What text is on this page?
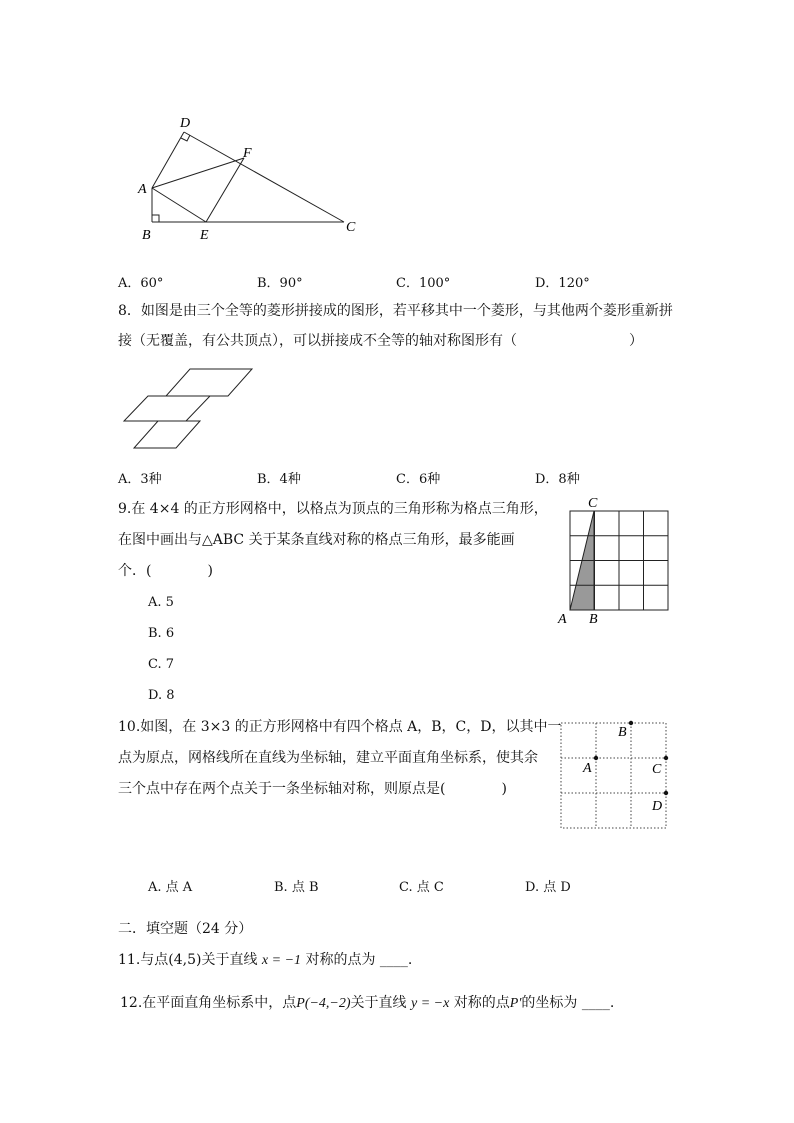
D
F
A
B	E
C
A．60°	B．90°	C．100°	D．120°
8．如图是由三个全等的菱形拼接成的图形，若平移其中一个菱形，与其他两个菱形重新拼
接（无覆盖，有公共顶点），可以拼接成不全等的轴对称图形有（　　　　　　　　）
A．3种	B．4种	C．6种	D．8种
9.在 4×4 的正方形网格中，以格点为顶点的三角形称为格点三角形，
在图中画出与△ABC 关于某条直线对称的格点三角形，最多能画
个．(　　　　)
A. 5
B. 6
C. 7
D. 8
C
A B
10.如图，在 3×3 的正方形网格中有四个格点 A，B，C，D，以其中一
点为原点，网格线所在直线为坐标轴，建立平面直角坐标系，使其余
三个点中存在两个点关于一条坐标轴对称，则原点是(　　　　)
B
A	C
D
A. 点 A	B. 点 B	C. 点 C	D. 点 D
二．填空题（24 分）
11.与点(4,5)关于直线 x = −1 对称的点为 ____.
12.在平面直角坐标系中，点P(−4,−2)关于直线 y = −x 对称的点P′的坐标为 ____.
